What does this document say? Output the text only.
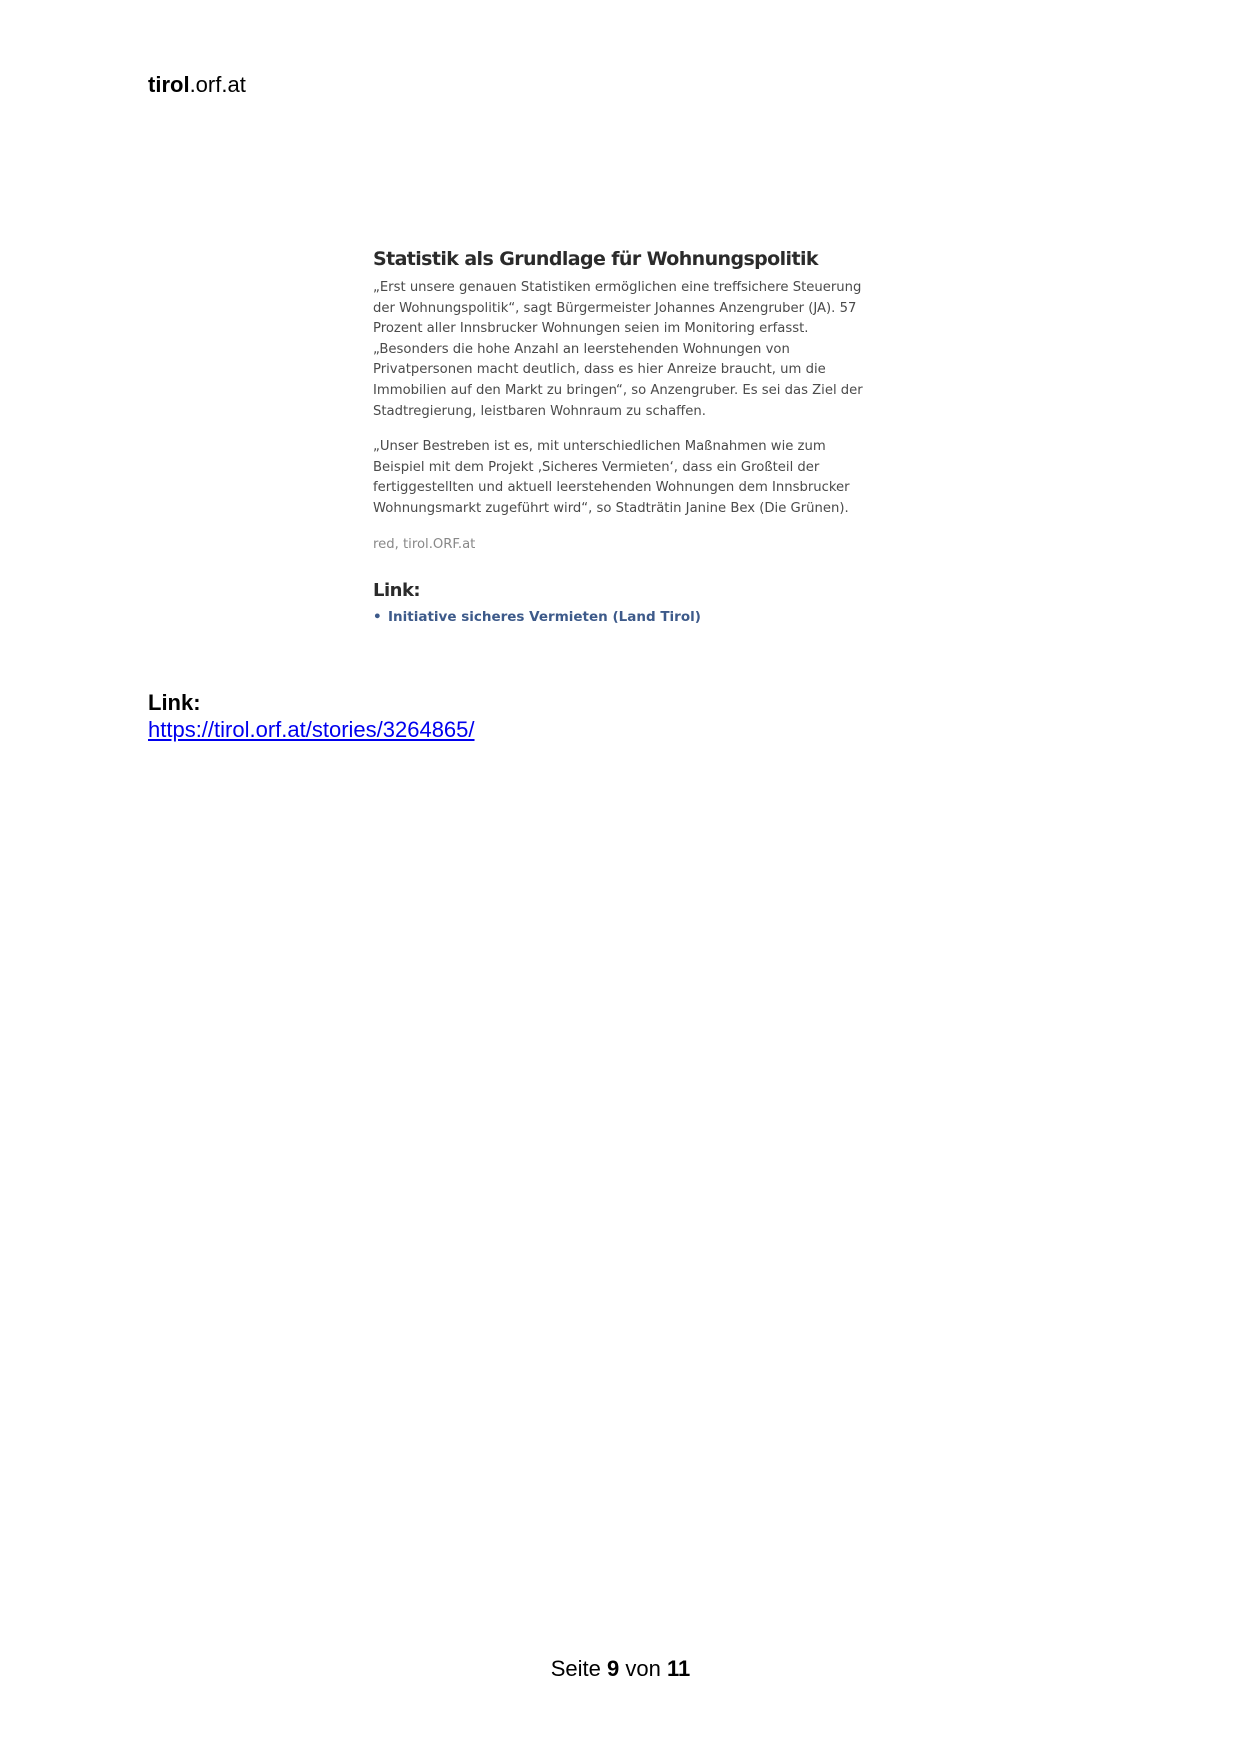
tirol.orf.at
Statistik als Grundlage für Wohnungspolitik

„Erst unsere genauen Statistiken ermöglichen eine treffsichere Steuerung der Wohnungspolitik“, sagt Bürgermeister Johannes Anzengruber (JA). 57 Prozent aller Innsbrucker Wohnungen seien im Monitoring erfasst. „Besonders die hohe Anzahl an leerstehenden Wohnungen von Privatpersonen macht deutlich, dass es hier Anreize braucht, um die Immobilien auf den Markt zu bringen“, so Anzengruber. Es sei das Ziel der Stadtregierung, leistbaren Wohnraum zu schaffen.

„Unser Bestreben ist es, mit unterschiedlichen Maßnahmen wie zum Beispiel mit dem Projekt ‚Sicheres Vermieten‘, dass ein Großteil der fertiggestellten und aktuell leerstehenden Wohnungen dem Innsbrucker Wohnungsmarkt zugeführt wird“, so Stadträtin Janine Bex (Die Grünen).

red, tirol.ORF.at

Link:
• Initiative sicheres Vermieten (Land Tirol)
Link:
https://tirol.orf.at/stories/3264865/
Seite 9 von 11
